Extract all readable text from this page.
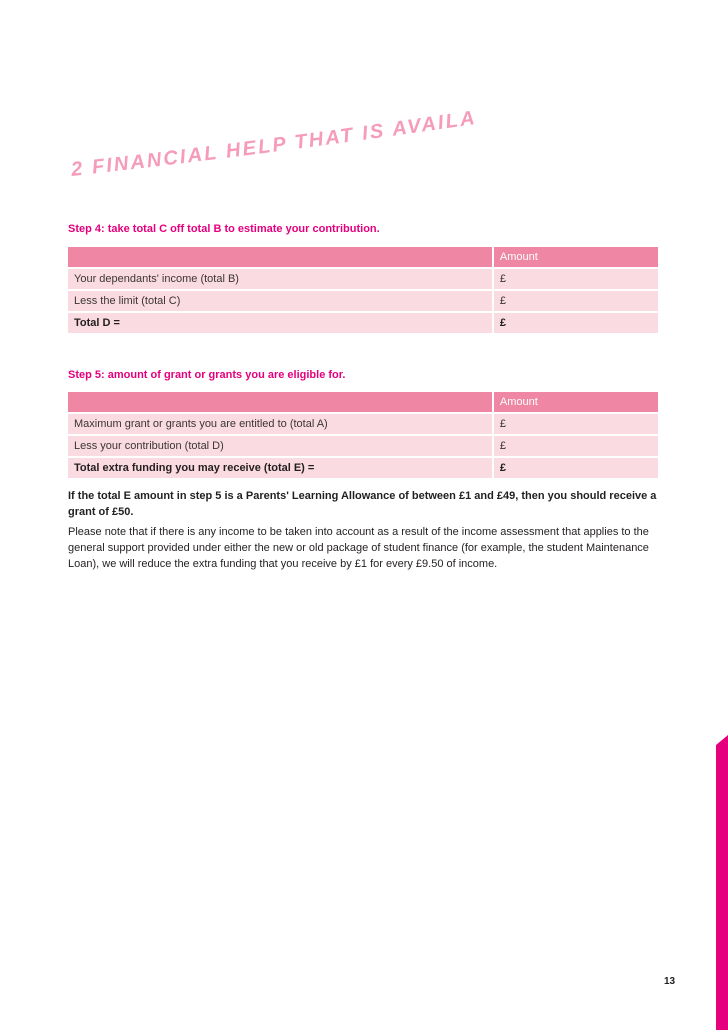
2 FINANCIAL HELP THAT IS AVAILABLE

Step 4: take total C off total B to estimate your contribution.

	Amount
Your dependants' income (total B)	£
Less the limit (total C)	£
Total D =	£

Step 5: amount of grant or grants you are eligible for.

	Amount
Maximum grant or grants you are entitled to (total A)	£
Less your contribution (total D)	£
Total extra funding you may receive (total E) =	£

If the total E amount in step 5 is a Parents' Learning Allowance of between £1 and £49, then you should receive a grant of £50.

Please note that if there is any income to be taken into account as a result of the income assessment that applies to the general support provided under either the new or old package of student finance (for example, the student Maintenance Loan), we will reduce the extra funding that you receive by £1 for every £9.50 of income.

13
